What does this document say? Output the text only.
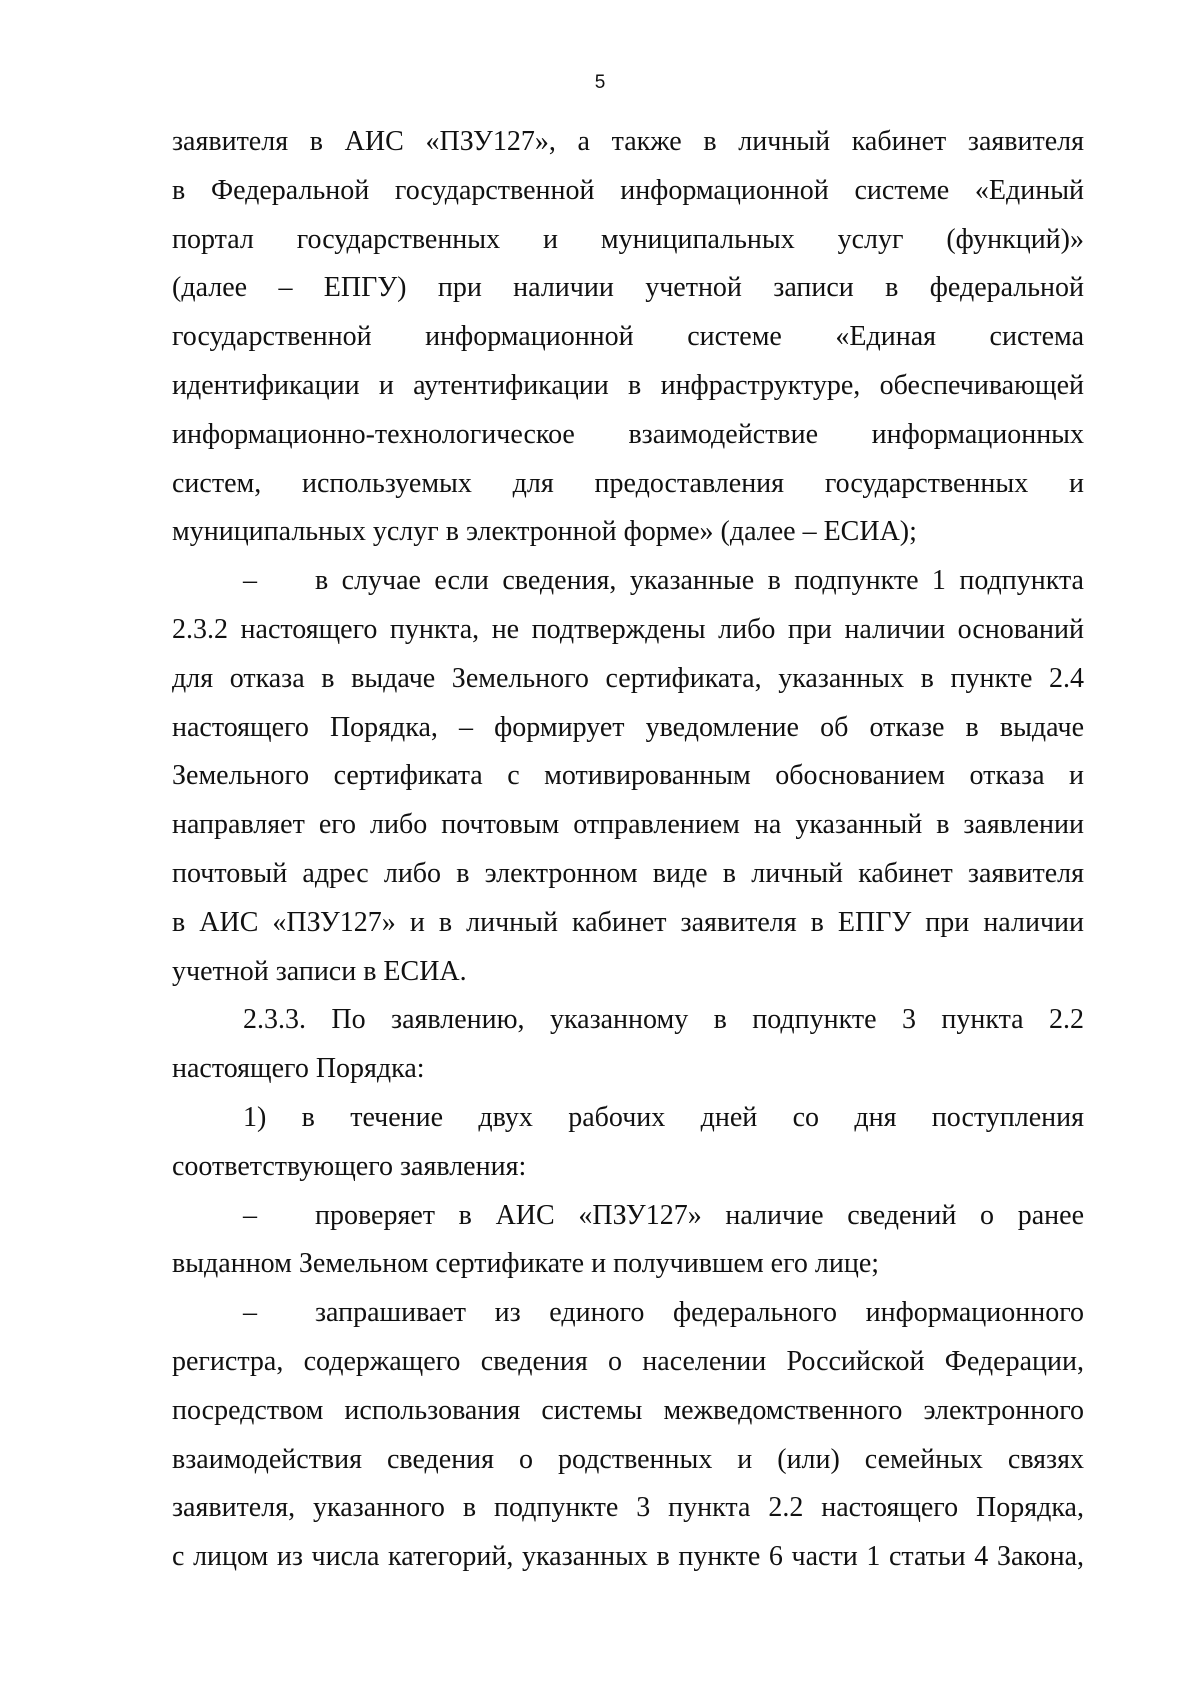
5
заявителя в АИС «ПЗУ127», а также в личный кабинет заявителя
в Федеральной государственной информационной системе «Единый
портал государственных и муниципальных услуг (функций)»
(далее – ЕПГУ) при наличии учетной записи в федеральной
государственной информационной системе «Единая система
идентификации и аутентификации в инфраструктуре, обеспечивающей
информационно-технологическое взаимодействие информационных
систем, используемых для предоставления государственных и
муниципальных услуг в электронной форме» (далее – ЕСИА);
–	в случае если сведения, указанные в подпункте 1 подпункта
2.3.2 настоящего пункта, не подтверждены либо при наличии оснований
для отказа в выдаче Земельного сертификата, указанных в пункте 2.4
настоящего Порядка, – формирует уведомление об отказе в выдаче
Земельного сертификата с мотивированным обоснованием отказа и
направляет его либо почтовым отправлением на указанный в заявлении
почтовый адрес либо в электронном виде в личный кабинет заявителя
в АИС «ПЗУ127» и в личный кабинет заявителя в ЕПГУ при наличии
учетной записи в ЕСИА.
2.3.3. По заявлению, указанному в подпункте 3 пункта 2.2
настоящего Порядка:
1) в течение двух рабочих дней со дня поступления
соответствующего заявления:
–	проверяет в АИС «ПЗУ127» наличие сведений о ранее
выданном Земельном сертификате и получившем его лице;
–	запрашивает из единого федерального информационного
регистра, содержащего сведения о населении Российской Федерации,
посредством использования системы межведомственного электронного
взаимодействия сведения о родственных и (или) семейных связях
заявителя, указанного в подпункте 3 пункта 2.2 настоящего Порядка,
с лицом из числа категорий, указанных в пункте 6 части 1 статьи 4 Закона,
